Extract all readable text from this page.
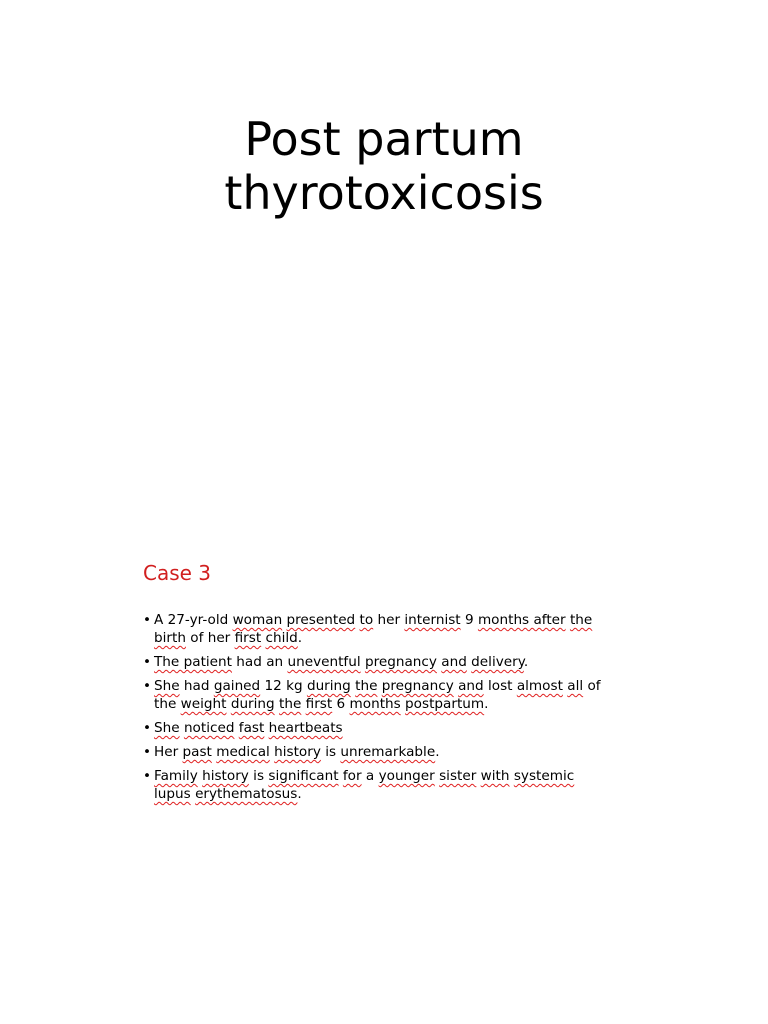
Post partum
thyrotoxicosis
Case 3
• A 27-yr-old woman presented to her internist 9 months after the birth of her first child.
• The patient had an uneventful pregnancy and delivery.
• She had gained 12 kg during the pregnancy and lost almost all of the weight during the first 6 months postpartum.
• She noticed fast heartbeats
• Her past medical history is unremarkable.
• Family history is significant for a younger sister with systemic lupus erythematosus.
